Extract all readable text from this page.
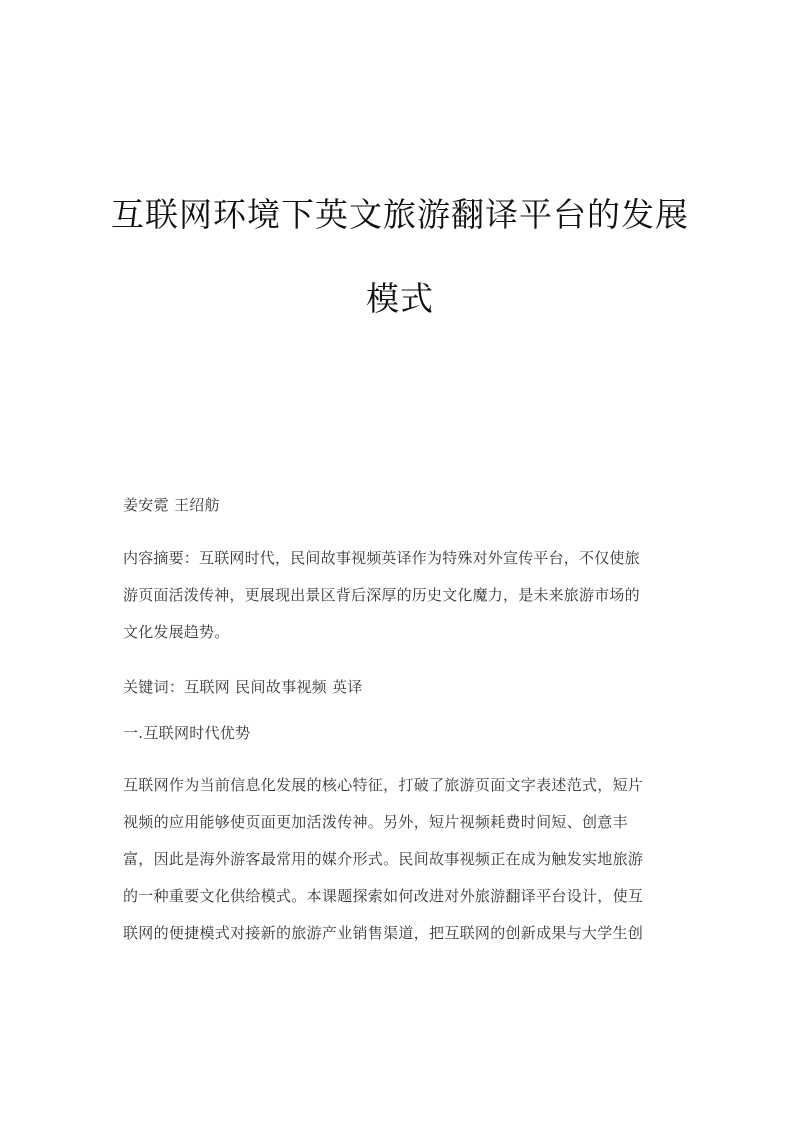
互联网环境下英文旅游翻译平台的发展
模式
姜安霓 王绍舫
内容摘要：互联网时代，民间故事视频英译作为特殊对外宣传平台，不仅使旅
游页面活泼传神，更展现出景区背后深厚的历史文化魔力，是未来旅游市场的
文化发展趋势。
关键词：互联网 民间故事视频 英译
一.互联网时代优势
互联网作为当前信息化发展的核心特征，打破了旅游页面文字表述范式，短片
视频的应用能够使页面更加活泼传神。另外，短片视频耗费时间短、创意丰
富，因此是海外游客最常用的媒介形式。民间故事视频正在成为触发实地旅游
的一种重要文化供给模式。本课题探索如何改进对外旅游翻译平台设计，使互
联网的便捷模式对接新的旅游产业销售渠道，把互联网的创新成果与大学生创
